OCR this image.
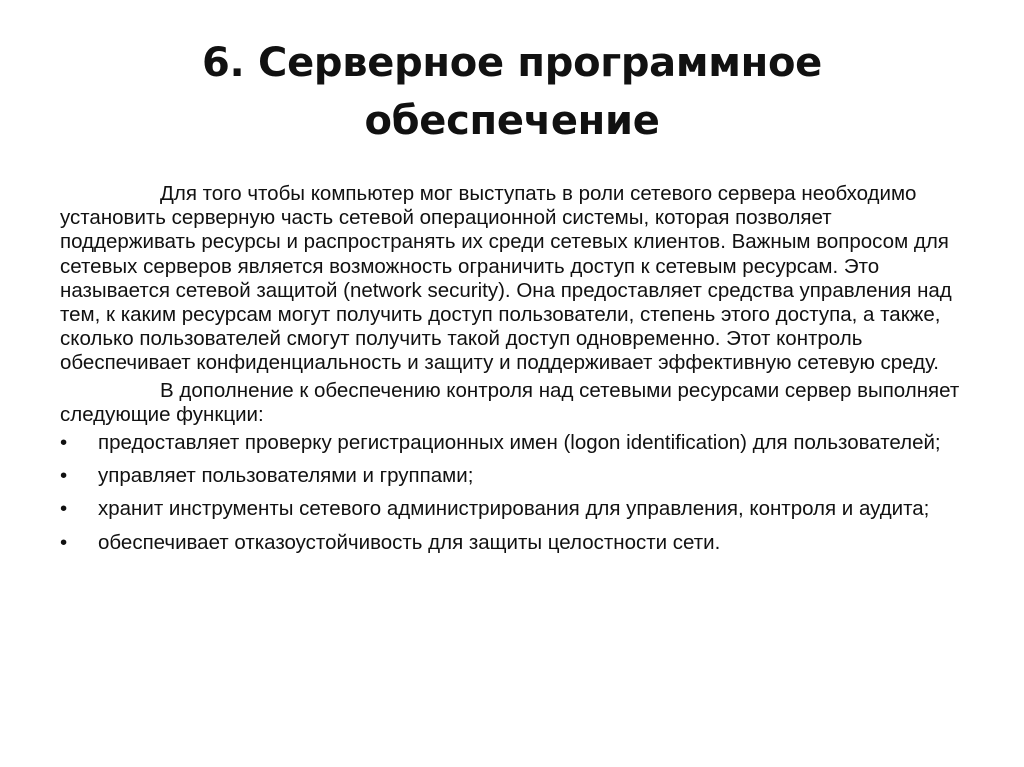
6. Серверное программное обеспечение

Для того чтобы компьютер мог выступать в роли сетевого сервера необходимо установить серверную часть сетевой операционной системы, которая позволяет поддерживать ресурсы и распространять их среди сетевых клиентов. Важным вопросом для сетевых серверов является возможность ограничить доступ к сетевым ресурсам. Это называется сетевой защитой (network security). Она предоставляет средства управления над тем, к каким ресурсам могут получить доступ пользователи, степень этого доступа, а также, сколько пользователей смогут получить такой доступ одновременно. Этот контроль обеспечивает конфиденциальность и защиту и поддерживает эффективную сетевую среду.

В дополнение к обеспечению контроля над сетевыми ресурсами сервер выполняет следующие функции:

•	предоставляет проверку регистрационных имен (logon identification) для пользователей;
•	управляет пользователями и группами;
•	хранит инструменты сетевого администрирования для управления, контроля и аудита;
•	обеспечивает отказоустойчивость для защиты целостности сети.
